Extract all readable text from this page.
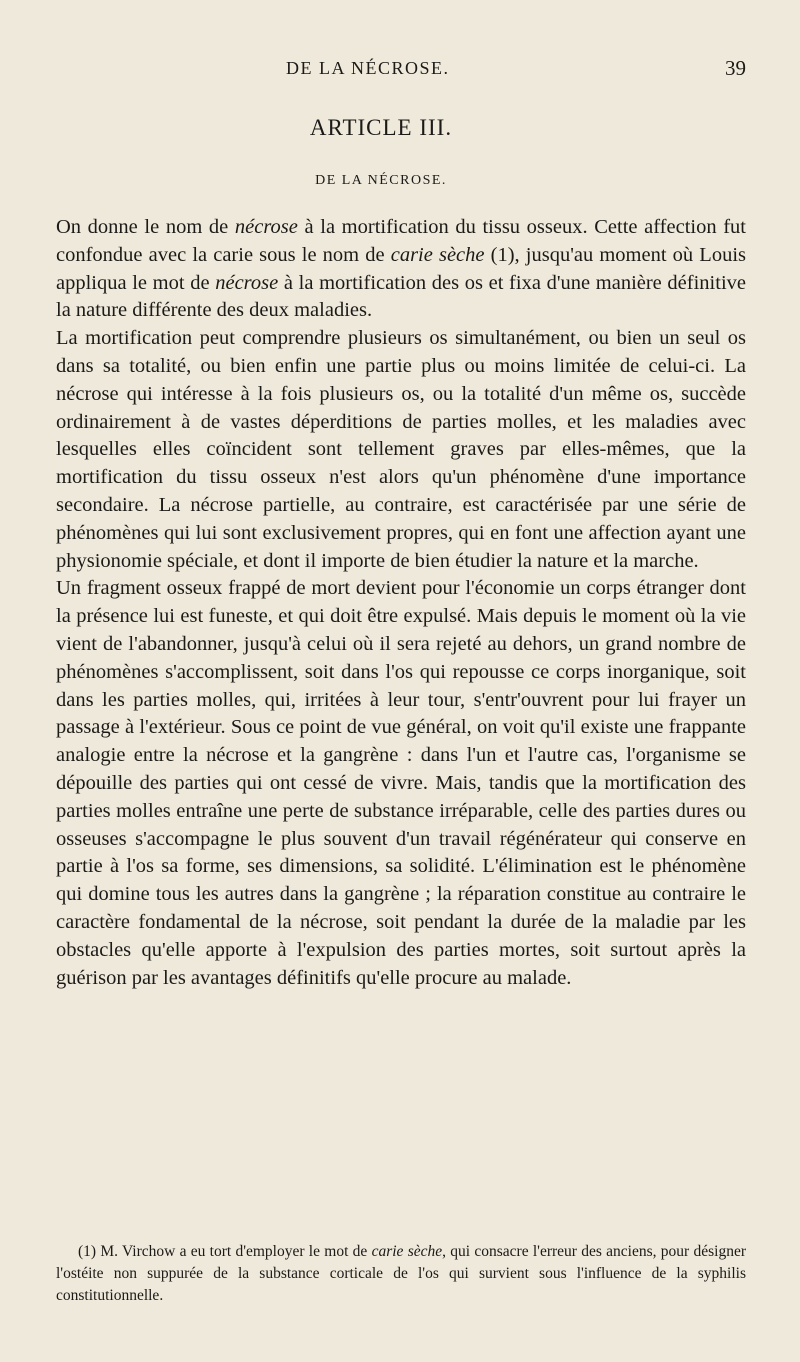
DE LA NÉCROSE.	39
ARTICLE III.
DE LA NÉCROSE.

On donne le nom de nécrose à la mortification du tissu osseux. Cette affection fut confondue avec la carie sous le nom de carie sèche (1), jusqu'au moment où Louis appliqua le mot de nécrose à la mortification des os et fixa d'une manière définitive la nature différente des deux maladies.

La mortification peut comprendre plusieurs os simultanément, ou bien un seul os dans sa totalité, ou bien enfin une partie plus ou moins limitée de celui-ci. La nécrose qui intéresse à la fois plusieurs os, ou la totalité d'un même os, succède ordinairement à de vastes déperditions de parties molles, et les maladies avec lesquelles elles coïncident sont tellement graves par elles-mêmes, que la mortification du tissu osseux n'est alors qu'un phénomène d'une importance secondaire. La nécrose partielle, au contraire, est caractérisée par une série de phénomènes qui lui sont exclusivement propres, qui en font une affection ayant une physionomie spéciale, et dont il importe de bien étudier la nature et la marche.

Un fragment osseux frappé de mort devient pour l'économie un corps étranger dont la présence lui est funeste, et qui doit être expulsé. Mais depuis le moment où la vie vient de l'abandonner, jusqu'à celui où il sera rejeté au dehors, un grand nombre de phénomènes s'accomplissent, soit dans l'os qui repousse ce corps inorganique, soit dans les parties molles, qui, irritées à leur tour, s'entr'ouvrent pour lui frayer un passage à l'extérieur. Sous ce point de vue général, on voit qu'il existe une frappante analogie entre la nécrose et la gangrène : dans l'un et l'autre cas, l'organisme se dépouille des parties qui ont cessé de vivre. Mais, tandis que la mortification des parties molles entraîne une perte de substance irréparable, celle des parties dures ou osseuses s'accompagne le plus souvent d'un travail régénérateur qui conserve en partie à l'os sa forme, ses dimensions, sa solidité. L'élimination est le phénomène qui domine tous les autres dans la gangrène ; la réparation constitue au contraire le caractère fondamental de la nécrose, soit pendant la durée de la maladie par les obstacles qu'elle apporte à l'expulsion des parties mortes, soit surtout après la guérison par les avantages définitifs qu'elle procure au malade.

(1) M. Virchow a eu tort d'employer le mot de carie sèche, qui consacre l'erreur des anciens, pour désigner l'ostéite non suppurée de la substance corticale de l'os qui survient sous l'influence de la syphilis constitutionnelle.
